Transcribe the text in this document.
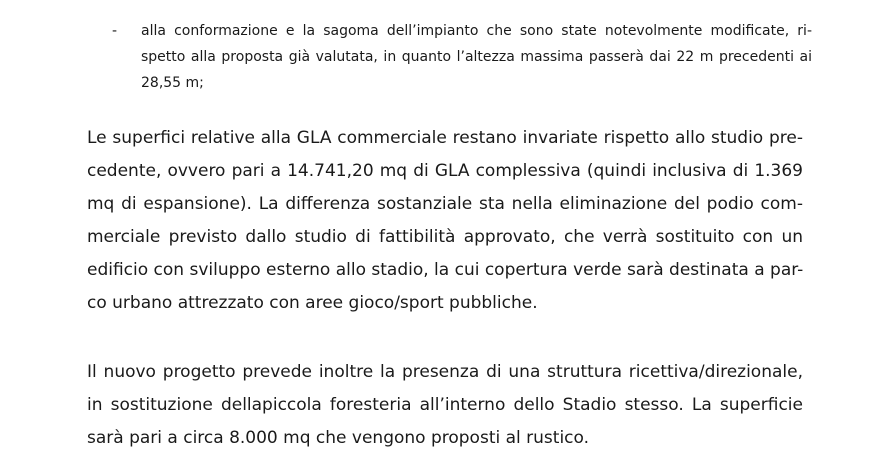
- alla conformazione e la sagoma dell’impianto che sono state notevolmente modificate, ri-
spetto alla proposta già valutata, in quanto l’altezza massima passerà dai 22 m precedenti ai
28,55 m;
Le superfici relative alla GLA commerciale restano invariate rispetto allo studio pre-
cedente, ovvero pari a 14.741,20 mq di GLA complessiva (quindi inclusiva di 1.369
mq di espansione). La differenza sostanziale sta nella eliminazione del podio com-
merciale previsto dallo studio di fattibilità approvato, che verrà sostituito con un
edificio con sviluppo esterno allo stadio, la cui copertura verde sarà destinata a par-
co urbano attrezzato con aree gioco/sport pubbliche.
Il nuovo progetto prevede inoltre la presenza di una struttura ricettiva/direzionale,
in sostituzione dellapiccola foresteria all’interno dello Stadio stesso. La superficie
sarà pari a circa 8.000 mq che vengono proposti al rustico.
